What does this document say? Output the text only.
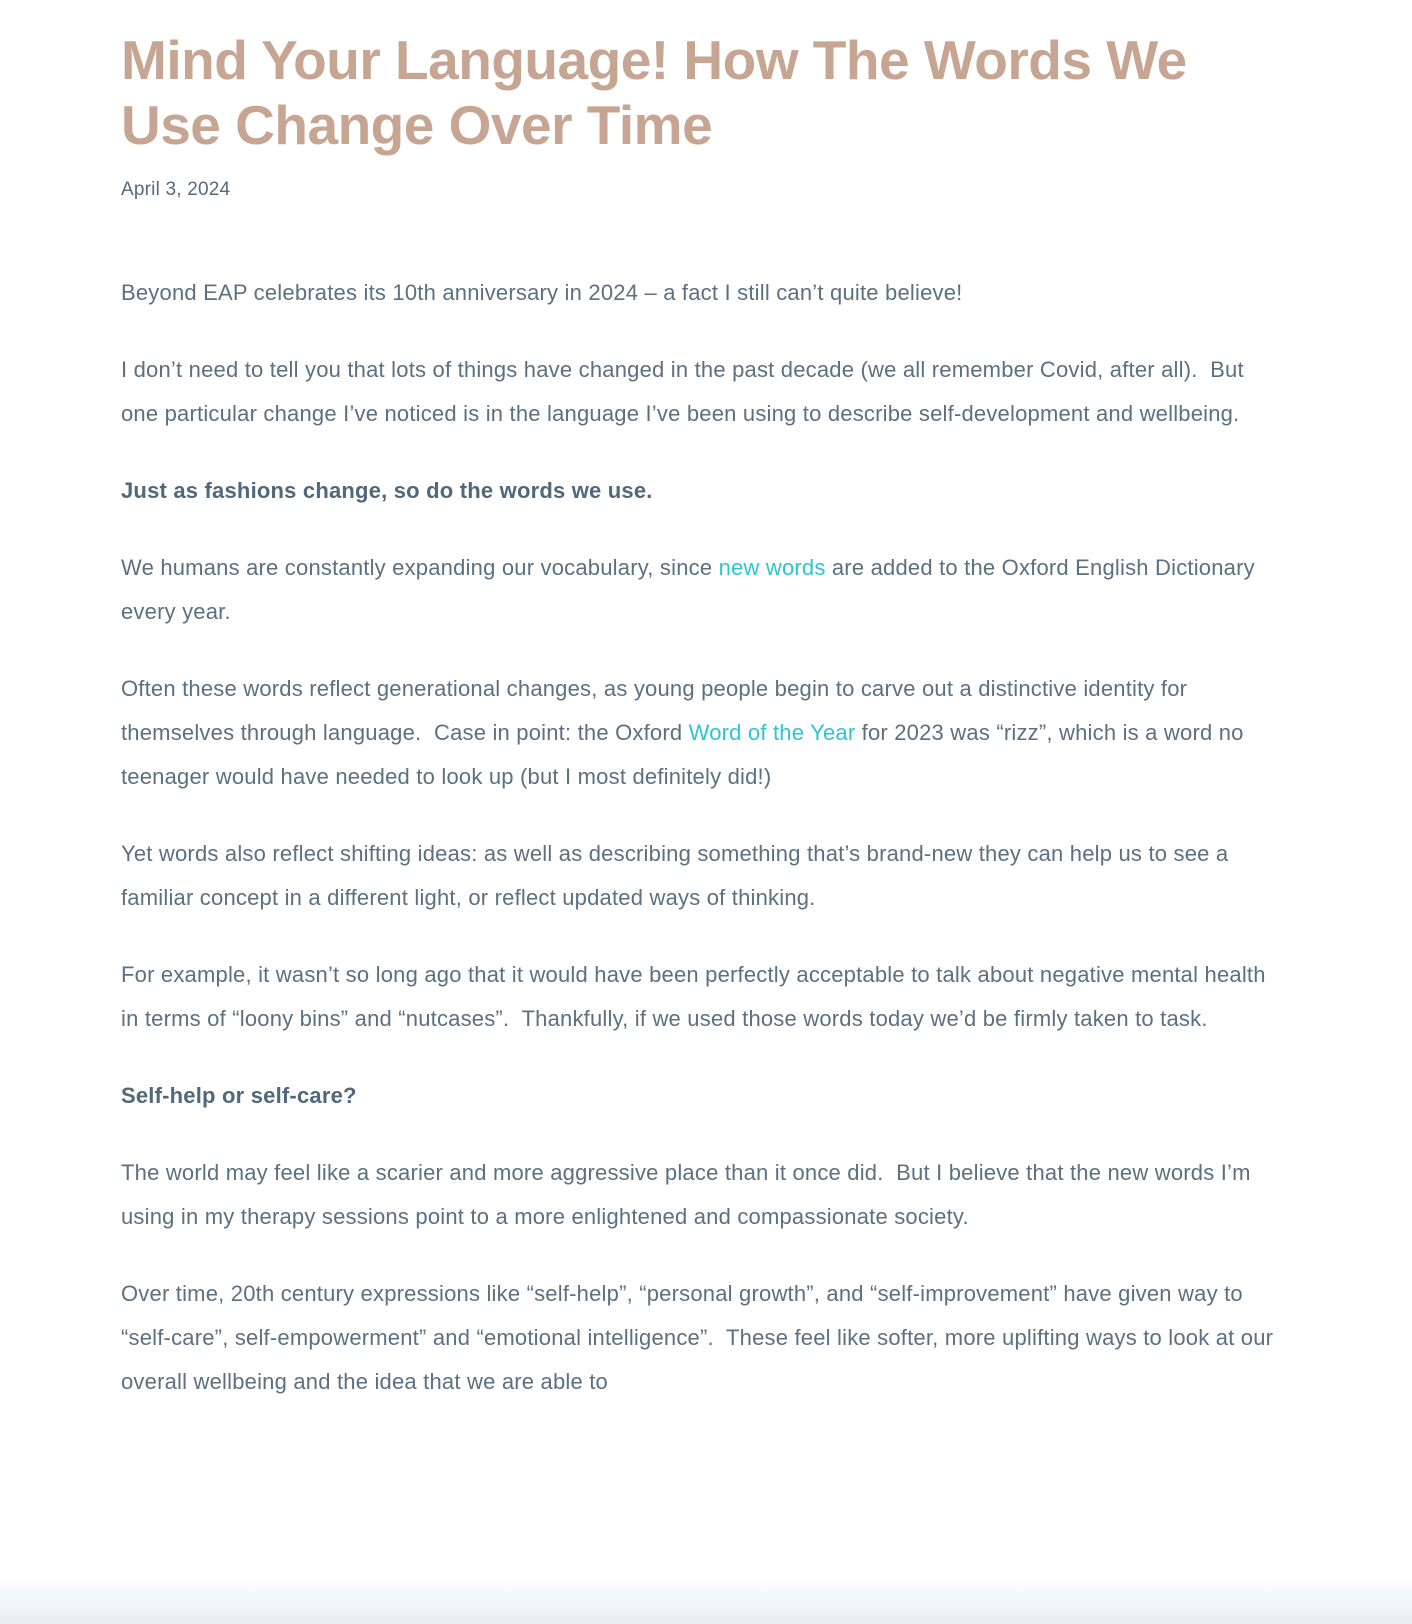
Mind Your Language! How The Words We Use Change Over Time

April 3, 2024

Beyond EAP celebrates its 10th anniversary in 2024 – a fact I still can’t quite believe!

I don’t need to tell you that lots of things have changed in the past decade (we all remember Covid, after all).  But one particular change I’ve noticed is in the language I’ve been using to describe self-development and wellbeing.

Just as fashions change, so do the words we use.

We humans are constantly expanding our vocabulary, since new words are added to the Oxford English Dictionary every year.

Often these words reflect generational changes, as young people begin to carve out a distinctive identity for themselves through language.  Case in point: the Oxford Word of the Year for 2023 was “rizz”, which is a word no teenager would have needed to look up (but I most definitely did!)

Yet words also reflect shifting ideas: as well as describing something that’s brand-new they can help us to see a familiar concept in a different light, or reflect updated ways of thinking.

For example, it wasn’t so long ago that it would have been perfectly acceptable to talk about negative mental health in terms of “loony bins” and “nutcases”.  Thankfully, if we used those words today we’d be firmly taken to task.

Self-help or self-care?

The world may feel like a scarier and more aggressive place than it once did.  But I believe that the new words I’m using in my therapy sessions point to a more enlightened and compassionate society.

Over time, 20th century expressions like “self-help”, “personal growth”, and “self-improvement” have given way to “self-care”, self-empowerment” and “emotional intelligence”.  These feel like softer, more uplifting ways to look at our overall wellbeing and the idea that we are able to
